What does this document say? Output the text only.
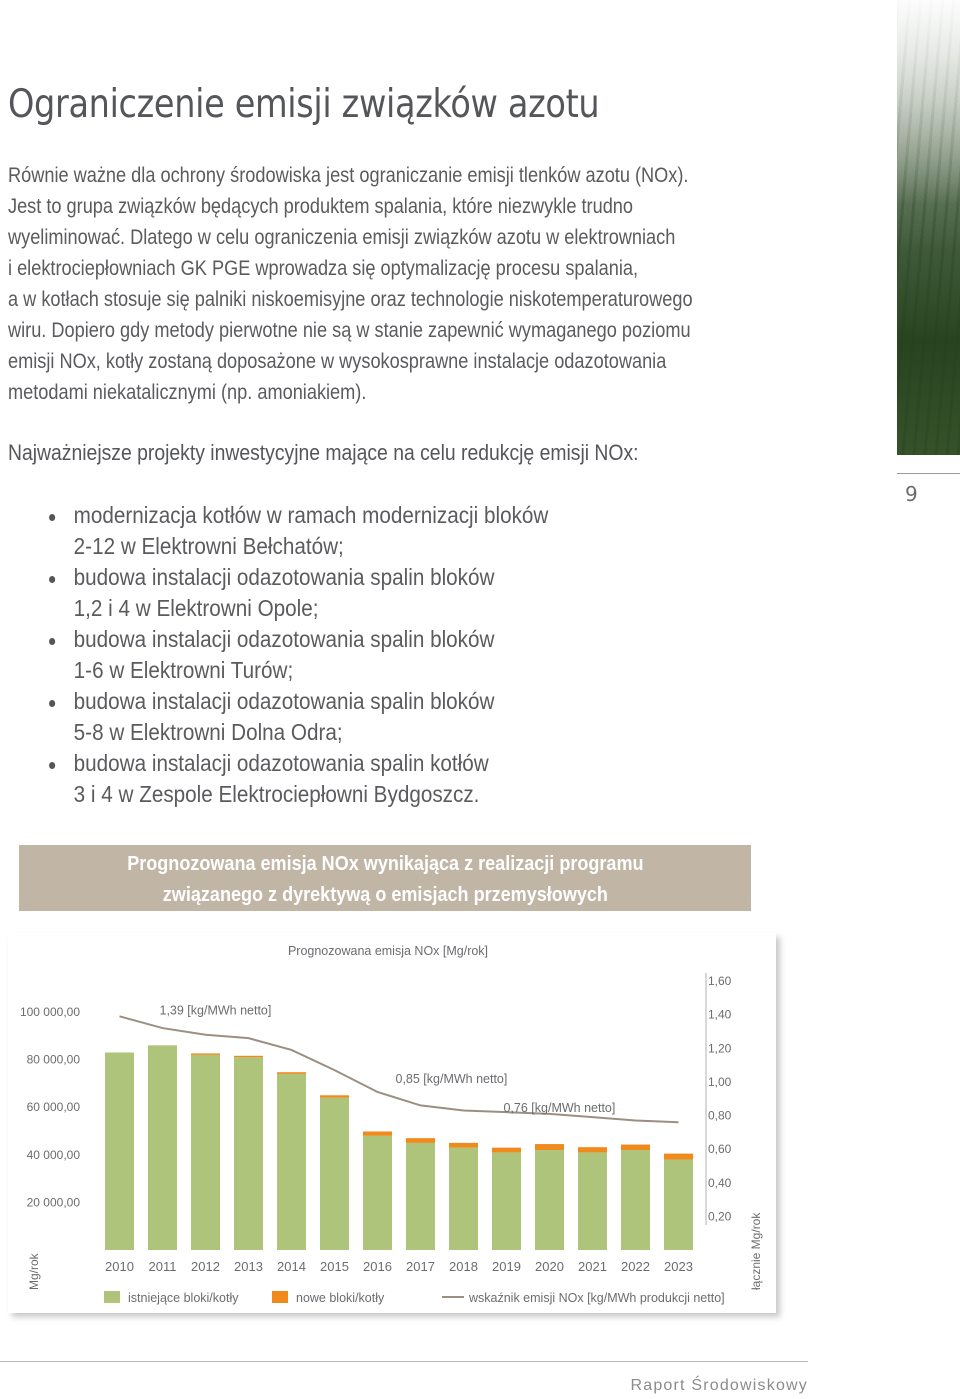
Ograniczenie emisji związków azotu
Równie ważne dla ochrony środowiska jest ograniczanie emisji tlenków azotu (NOx).
Jest to grupa związków będących produktem spalania, które niezwykle trudno
wyeliminować. Dlatego w celu ograniczenia emisji związków azotu w elektrowniach
i elektrociepłowniach GK PGE wprowadza się optymalizację procesu spalania,
a w kotłach stosuje się palniki niskoemisyjne oraz technologie niskotemperaturowego
wiru. Dopiero gdy metody pierwotne nie są w stanie zapewnić wymaganego poziomu
emisji NOx, kotły zostaną doposażone w wysokosprawne instalacje odazotowania
metodami niekatalicznymi (np. amoniakiem).
Najważniejsze projekty inwestycyjne mające na celu redukcję emisji NOx:
modernizacja kotłów w ramach modernizacji bloków
2-12 w Elektrowni Bełchatów;
budowa instalacji odazotowania spalin bloków
1,2 i 4 w Elektrowni Opole;
budowa instalacji odazotowania spalin bloków
1-6 w Elektrowni Turów;
budowa instalacji odazotowania spalin bloków
5-8 w Elektrowni Dolna Odra;
budowa instalacji odazotowania spalin kotłów
3 i 4 w Zespole Elektrociepłowni Bydgoszcz.
9
Prognozowana emisja NOx wynikająca z realizacji programu
związanego z dyrektywą o emisjach przemysłowych
Prognozowana emisja NOx [Mg/rok]
20 000,00
40 000,00
60 000,00
80 000,00
100 000,00
0,20
0,40
0,60
0,80
1,00
1,20
1,40
1,60
Mg/rok	łącznie Mg/rok
2010 2011 2012 2013 2014 2015 2016 2017 2018 2019 2020 2021 2022 2023
1,39 [kg/MWh netto]
0,85 [kg/MWh netto]
0,76 [kg/MWh netto]
istniejące bloki/kotły	nowe bloki/kotły	wskaźnik emisji NOx [kg/MWh produkcji netto]
Raport Środowiskowy
